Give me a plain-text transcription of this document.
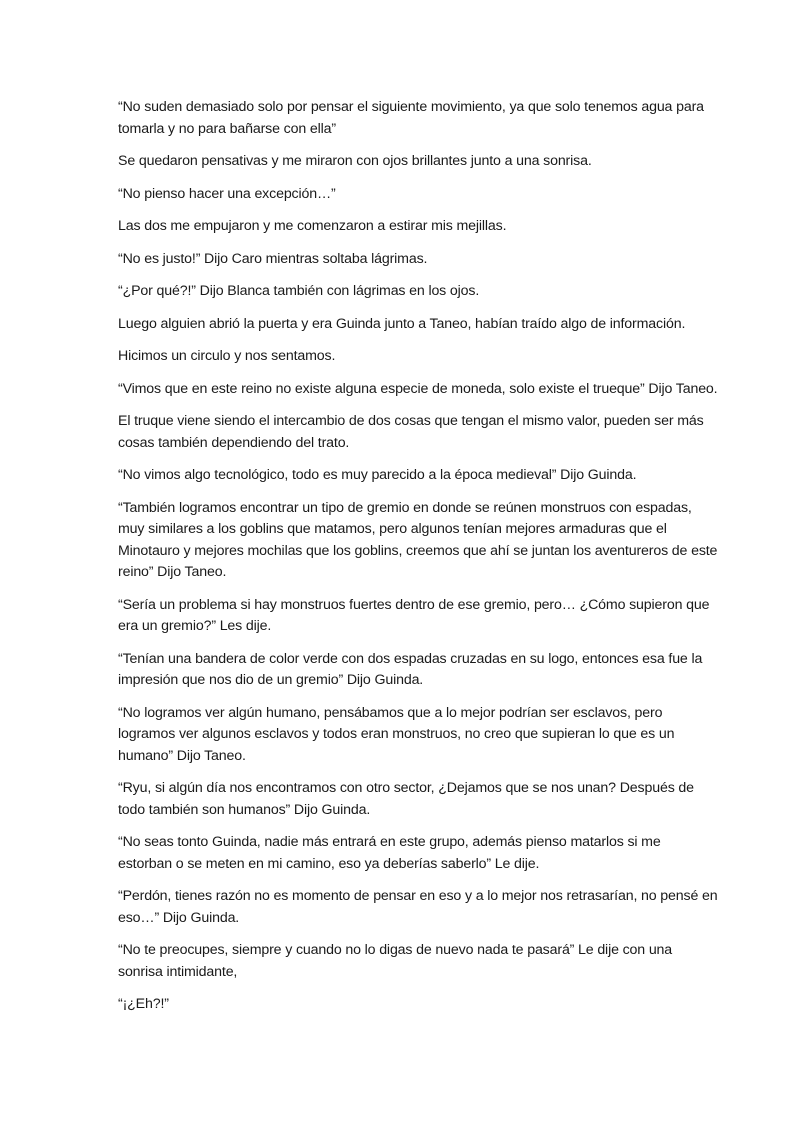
“No suden demasiado solo por pensar el siguiente movimiento, ya que solo tenemos agua para tomarla y no para bañarse con ella”

Se quedaron pensativas y me miraron con ojos brillantes junto a una sonrisa.

“No pienso hacer una excepción…”

Las dos me empujaron y me comenzaron a estirar mis mejillas.

“No es justo!” Dijo Caro mientras soltaba lágrimas.

“¿Por qué?!” Dijo Blanca también con lágrimas en los ojos.

Luego alguien abrió la puerta y era Guinda junto a Taneo, habían traído algo de información.

Hicimos un circulo y nos sentamos.

“Vimos que en este reino no existe alguna especie de moneda, solo existe el trueque” Dijo Taneo.

El truque viene siendo el intercambio de dos cosas que tengan el mismo valor, pueden ser más cosas también dependiendo del trato.

“No vimos algo tecnológico, todo es muy parecido a la época medieval” Dijo Guinda.

“También logramos encontrar un tipo de gremio en donde se reúnen monstruos con espadas, muy similares a los goblins que matamos, pero algunos tenían mejores armaduras que el Minotauro y mejores mochilas que los goblins, creemos que ahí se juntan los aventureros de este reino” Dijo Taneo.

“Sería un problema si hay monstruos fuertes dentro de ese gremio, pero… ¿Cómo supieron que era un gremio?” Les dije.

“Tenían una bandera de color verde con dos espadas cruzadas en su logo, entonces esa fue la impresión que nos dio de un gremio” Dijo Guinda.

“No logramos ver algún humano, pensábamos que a lo mejor podrían ser esclavos, pero logramos ver algunos esclavos y todos eran monstruos, no creo que supieran lo que es un humano” Dijo Taneo.

“Ryu, si algún día nos encontramos con otro sector, ¿Dejamos que se nos unan? Después de todo también son humanos” Dijo Guinda.

“No seas tonto Guinda, nadie más entrará en este grupo, además pienso matarlos si me estorban o se meten en mi camino, eso ya deberías saberlo” Le dije.

“Perdón, tienes razón no es momento de pensar en eso y a lo mejor nos retrasarían, no pensé en eso…” Dijo Guinda.

“No te preocupes, siempre y cuando no lo digas de nuevo nada te pasará” Le dije con una sonrisa intimidante,

“¡¿Eh?!”
